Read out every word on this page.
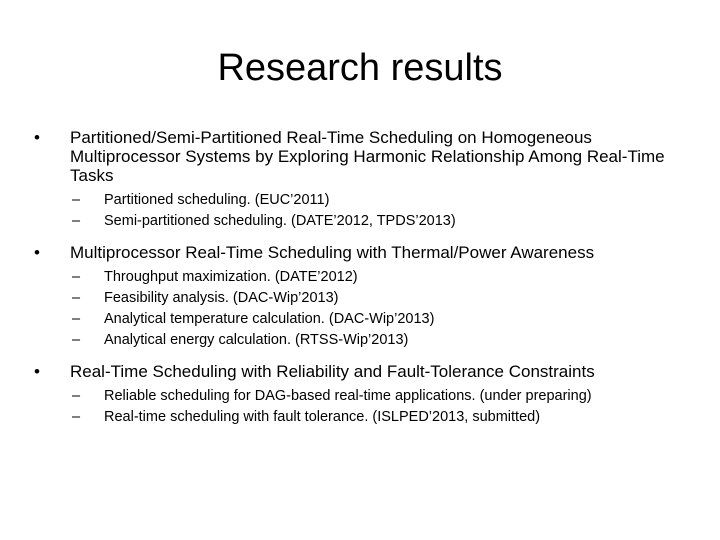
Research results
•	Partitioned/Semi-Partitioned Real-Time Scheduling on Homogeneous Multiprocessor Systems by Exploring Harmonic Relationship Among Real-Time Tasks
– Partitioned scheduling. (EUC’2011)
– Semi-partitioned scheduling. (DATE’2012, TPDS’2013)
•	Multiprocessor Real-Time Scheduling with Thermal/Power Awareness
– Throughput maximization. (DATE’2012)
– Feasibility analysis. (DAC-Wip’2013)
– Analytical temperature calculation. (DAC-Wip’2013)
– Analytical energy calculation. (RTSS-Wip’2013)
•	Real-Time Scheduling with Reliability and Fault-Tolerance Constraints
– Reliable scheduling for DAG-based real-time applications. (under preparing)
– Real-time scheduling with fault tolerance. (ISLPED’2013, submitted)
